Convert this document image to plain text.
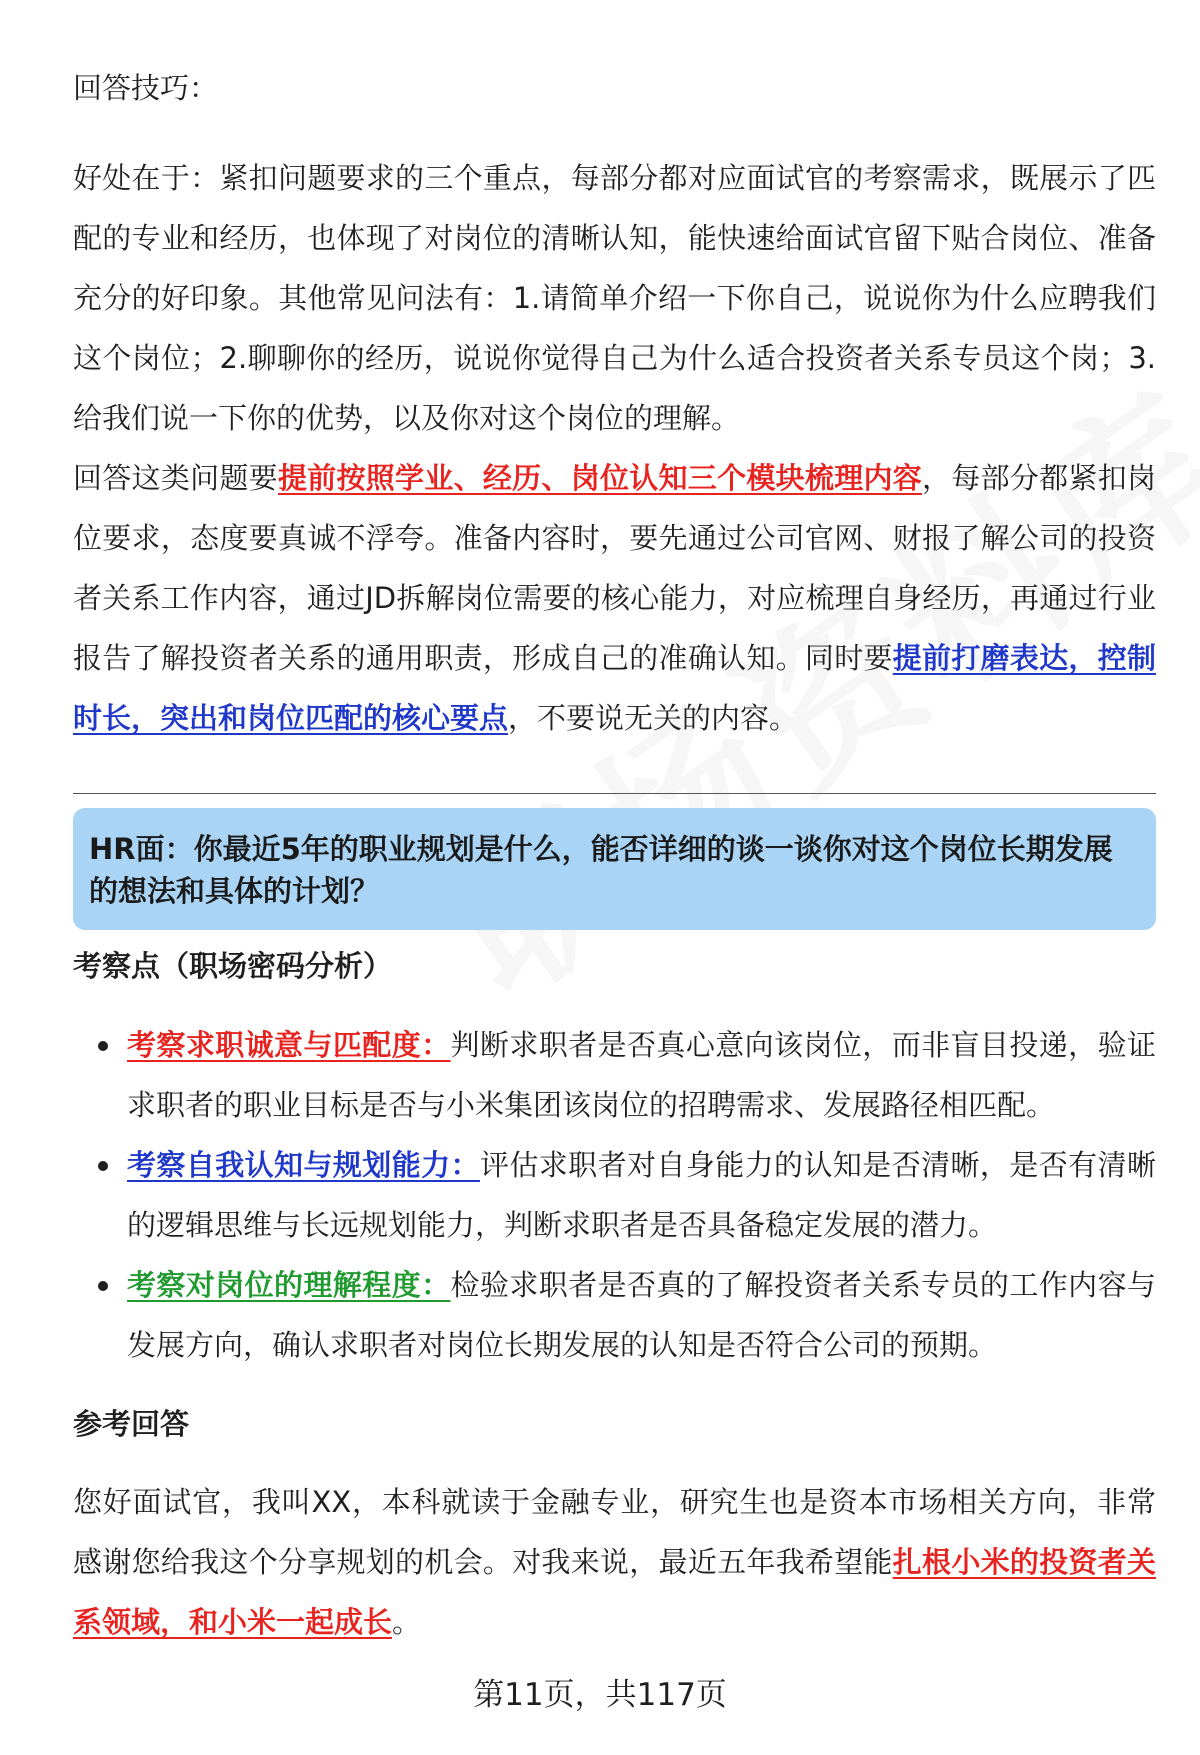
回答技巧：
好处在于：紧扣问题要求的三个重点，每部分都对应面试官的考察需求，既展示了匹配的专业和经历，也体现了对岗位的清晰认知，能快速给面试官留下贴合岗位、准备充分的好印象。其他常见问法有：1.请简单介绍一下你自己，说说你为什么应聘我们这个岗位；2.聊聊你的经历，说说你觉得自己为什么适合投资者关系专员这个岗；3.给我们说一下你的优势，以及你对这个岗位的理解。
回答这类问题要提前按照学业、经历、岗位认知三个模块梳理内容，每部分都紧扣岗位要求，态度要真诚不浮夸。准备内容时，要先通过公司官网、财报了解公司的投资者关系工作内容，通过JD拆解岗位需要的核心能力，对应梳理自身经历，再通过行业报告了解投资者关系的通用职责，形成自己的准确认知。同时要提前打磨表达，控制时长，突出和岗位匹配的核心要点，不要说无关的内容。
HR面：你最近5年的职业规划是什么，能否详细的谈一谈你对这个岗位长期发展的想法和具体的计划？
考察点（职场密码分析）
考察求职诚意与匹配度：判断求职者是否真心意向该岗位，而非盲目投递，验证求职者的职业目标是否与小米集团该岗位的招聘需求、发展路径相匹配。
考察自我认知与规划能力：评估求职者对自身能力的认知是否清晰，是否有清晰的逻辑思维与长远规划能力，判断求职者是否具备稳定发展的潜力。
考察对岗位的理解程度：检验求职者是否真的了解投资者关系专员的工作内容与发展方向，确认求职者对岗位长期发展的认知是否符合公司的预期。
参考回答
您好面试官，我叫XX，本科就读于金融专业，研究生也是资本市场相关方向，非常感谢您给我这个分享规划的机会。对我来说，最近五年我希望能扎根小米的投资者关系领域，和小米一起成长。
第11页，共117页
